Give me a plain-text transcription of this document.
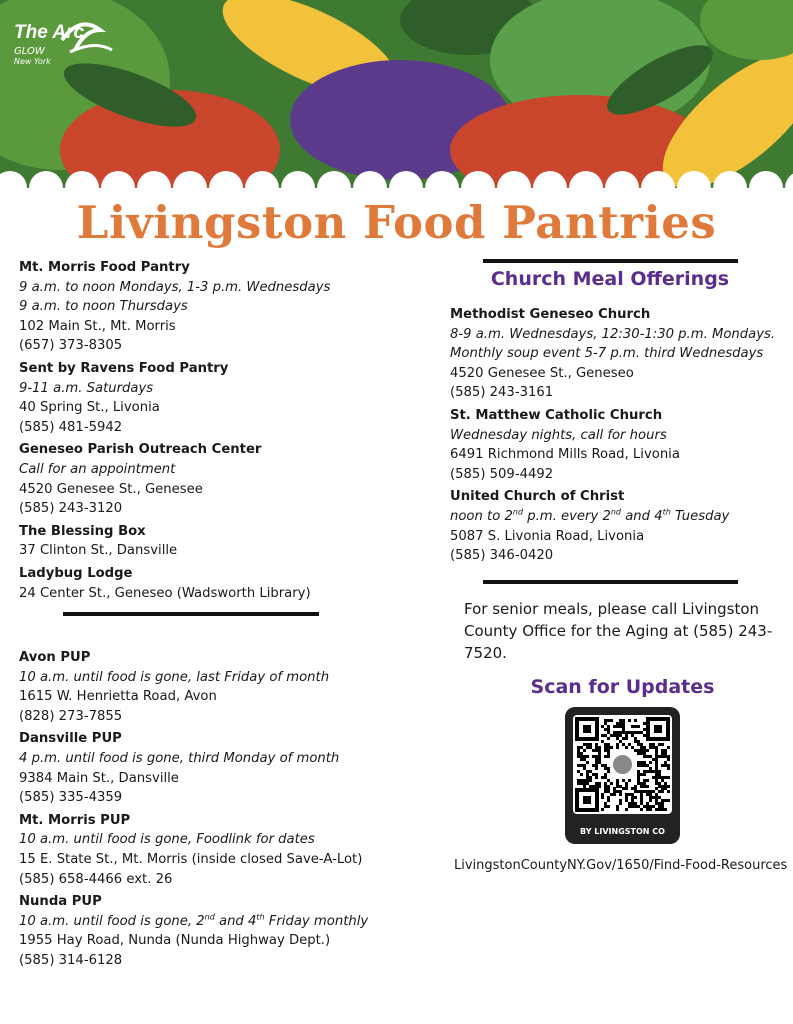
The Arc
GLOW
New York
Livingston Food Pantries
Mt. Morris Food Pantry
9 a.m. to noon Mondays, 1-3 p.m. Wednesdays
9 a.m. to noon Thursdays
102 Main St., Mt. Morris
(657) 373-8305
Sent by Ravens Food Pantry
9-11 a.m. Saturdays
40 Spring St., Livonia
(585) 481-5942
Geneseo Parish Outreach Center
Call for an appointment
4520 Genesee St., Genesee
(585) 243-3120
The Blessing Box
37 Clinton St., Dansville
Ladybug Lodge
24 Center St., Geneseo (Wadsworth Library)
Avon PUP
10 a.m. until food is gone, last Friday of month
1615 W. Henrietta Road, Avon
(828) 273-7855
Dansville PUP
4 p.m. until food is gone, third Monday of month
9384 Main St., Dansville
(585) 335-4359
Mt. Morris PUP
10 a.m. until food is gone, Foodlink for dates
15 E. State St., Mt. Morris (inside closed Save-A-Lot)
(585) 658-4466 ext. 26
Nunda PUP
10 a.m. until food is gone, 2nd and 4th Friday monthly
1955 Hay Road, Nunda (Nunda Highway Dept.)
(585) 314-6128
Church Meal Offerings
Methodist Geneseo Church
8-9 a.m. Wednesdays, 12:30-1:30 p.m. Mondays.
Monthly soup event 5-7 p.m. third Wednesdays
4520 Genesee St., Geneseo
(585) 243-3161
St. Matthew Catholic Church
Wednesday nights, call for hours
6491 Richmond Mills Road, Livonia
(585) 509-4492
United Church of Christ
noon to 2nd p.m. every 2nd and 4th Tuesday
5087 S. Livonia Road, Livonia
(585) 346-0420
For senior meals, please call Livingston County Office for the Aging at (585) 243-7520.
Scan for Updates
BY LIVINGSTON CO
LivingstonCountyNY.Gov/1650/Find-Food-Resources
